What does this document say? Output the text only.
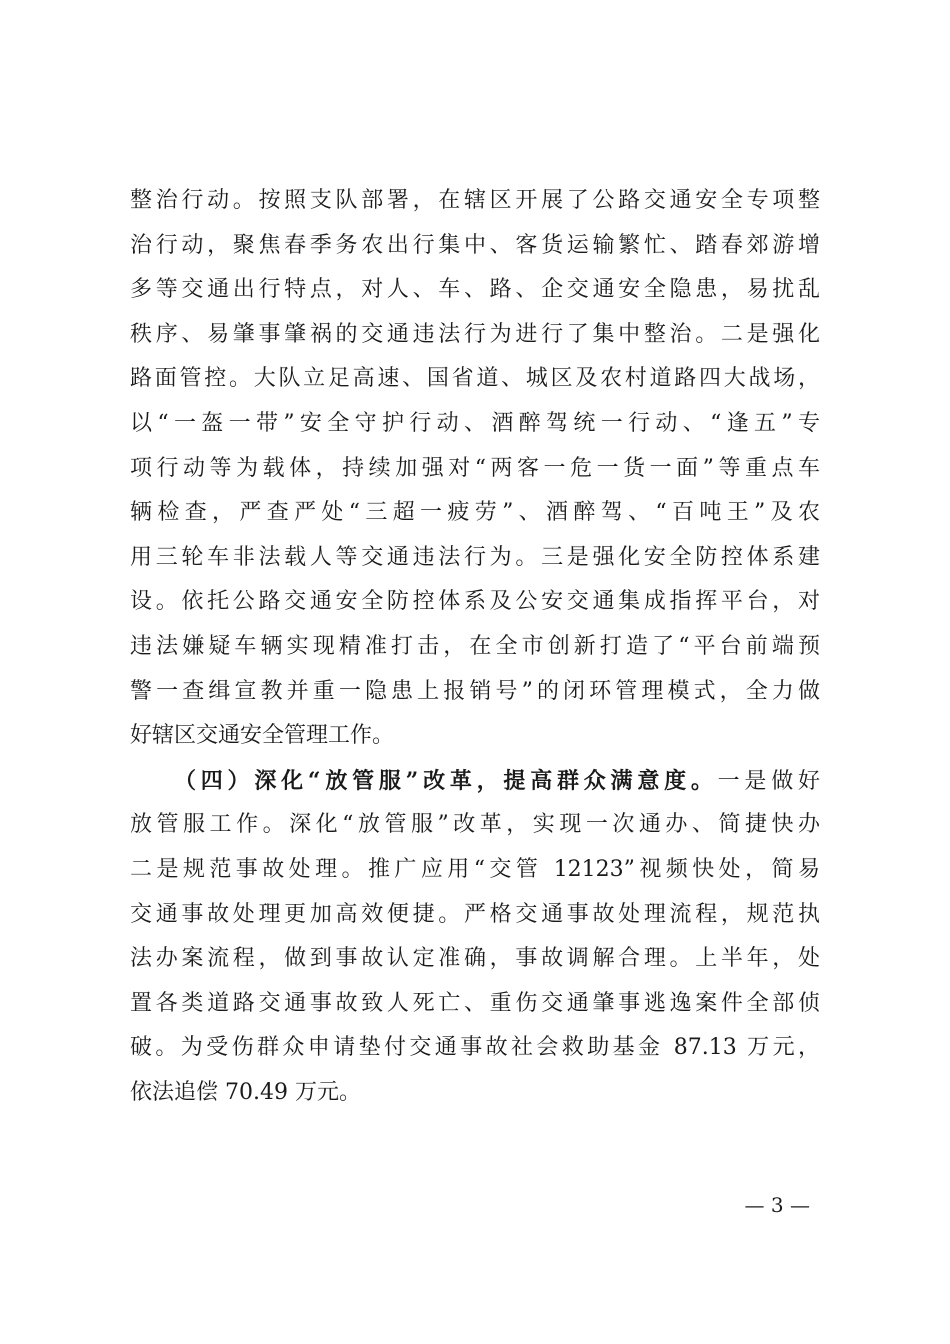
整治行动。按照支队部署，在辖区开展了公路交通安全专项整
治行动，聚焦春季务农出行集中、客货运输繁忙、踏春郊游增
多等交通出行特点，对人、车、路、企交通安全隐患，易扰乱
秩序、易肇事肇祸的交通违法行为进行了集中整治。二是强化
路面管控。大队立足高速、国省道、城区及农村道路四大战场，
以“一盔一带”安全守护行动、酒醉驾统一行动、“逢五”专
项行动等为载体，持续加强对“两客一危一货一面”等重点车
辆检查，严查严处“三超一疲劳”、酒醉驾、“百吨王”及农
用三轮车非法载人等交通违法行为。三是强化安全防控体系建
设。依托公路交通安全防控体系及公安交通集成指挥平台，对
违法嫌疑车辆实现精准打击，在全市创新打造了“平台前端预
警一查缉宣教并重一隐患上报销号”的闭环管理模式，全力做
好辖区交通安全管理工作。
（四）深化“放管服”改革，提高群众满意度。一是做好
放管服工作。深化“放管服”改革，实现一次通办、简捷快办
二是规范事故处理。推广应用“交管 12123”视频快处，简易
交通事故处理更加高效便捷。严格交通事故处理流程，规范执
法办案流程，做到事故认定准确，事故调解合理。上半年，处
置各类道路交通事故致人死亡、重伤交通肇事逃逸案件全部侦
破。为受伤群众申请垫付交通事故社会救助基金 87.13 万元，
依法追偿 70.49 万元。
— 3 —
